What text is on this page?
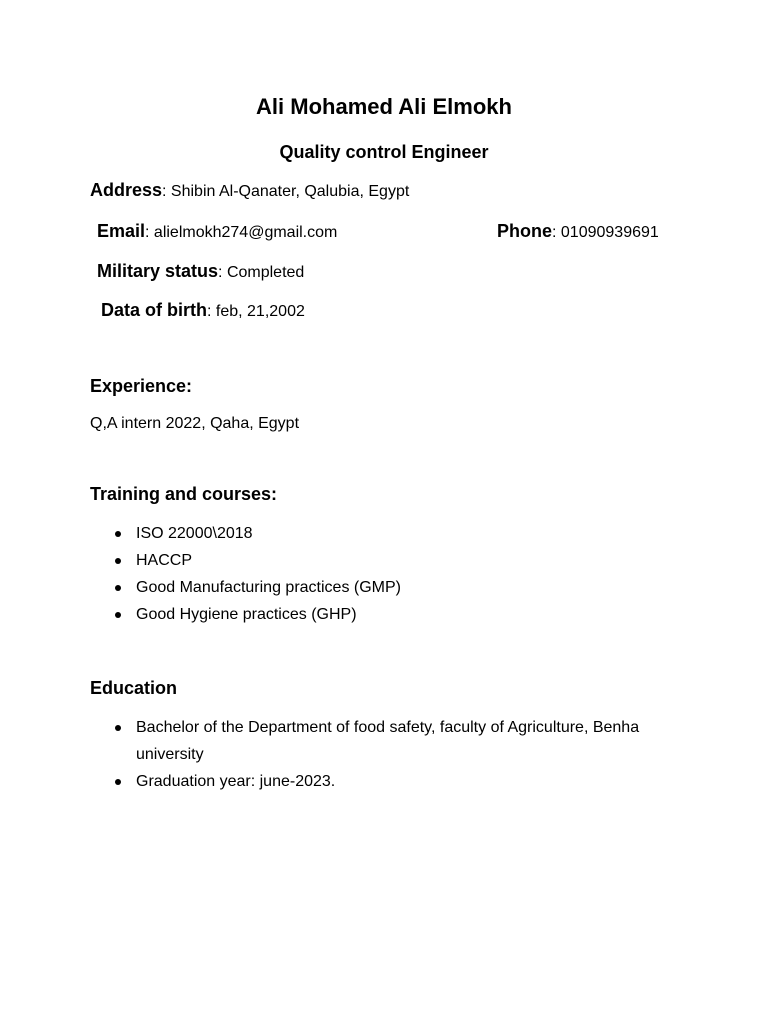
Ali Mohamed Ali Elmokh
Quality control Engineer
Address: Shibin Al-Qanater, Qalubia, Egypt
Email: alielmokh274@gmail.com	Phone: 01090939691
Military status: Completed
Data of birth: feb, 21,2002
Experience:
Q,A intern 2022, Qaha, Egypt
Training and courses:
ISO 22000\2018
HACCP
Good Manufacturing practices (GMP)
Good Hygiene practices (GHP)
Education
Bachelor of the Department of food safety, faculty of Agriculture, Benha university
Graduation year: june-2023.
